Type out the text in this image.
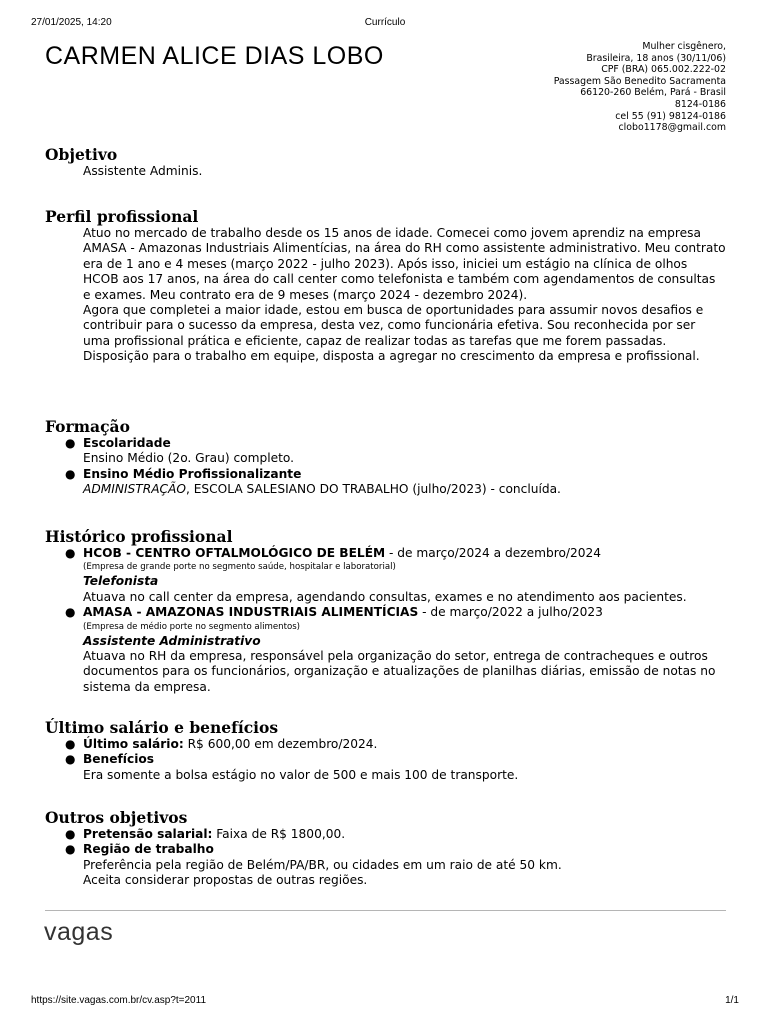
27/01/2025, 14:20	Currículo
CARMEN ALICE DIAS LOBO	Mulher cisgênero,
Brasileira, 18 anos (30/11/06)
CPF (BRA) 065.002.222-02
Passagem São Benedito Sacramenta
66120-260 Belém, Pará - Brasil
8124-0186
cel 55 (91) 98124-0186
clobo1178@gmail.com
Objetivo
Assistente Adminis.
Perfil profissional
Atuo no mercado de trabalho desde os 15 anos de idade. Comecei como jovem aprendiz na empresa AMASA - Amazonas Industriais Alimentícias, na área do RH como assistente administrativo. Meu contrato era de 1 ano e 4 meses (março 2022 - julho 2023). Após isso, iniciei um estágio na clínica de olhos HCOB aos 17 anos, na área do call center como telefonista e também com agendamentos de consultas e exames. Meu contrato era de 9 meses (março 2024 - dezembro 2024).
Agora que completei a maior idade, estou em busca de oportunidades para assumir novos desafios e contribuir para o sucesso da empresa, desta vez, como funcionária efetiva. Sou reconhecida por ser uma profissional prática e eficiente, capaz de realizar todas as tarefas que me forem passadas. Disposição para o trabalho em equipe, disposta a agregar no crescimento da empresa e profissional.
Formação
● Escolaridade
Ensino Médio (2o. Grau) completo.
● Ensino Médio Profissionalizante
ADMINISTRAÇÃO, ESCOLA SALESIANO DO TRABALHO (julho/2023) - concluída.
Histórico profissional
● HCOB - CENTRO OFTALMOLÓGICO DE BELÉM - de março/2024 a dezembro/2024
(Empresa de grande porte no segmento saúde, hospitalar e laboratorial)
Telefonista
Atuava no call center da empresa, agendando consultas, exames e no atendimento aos pacientes.
● AMASA - AMAZONAS INDUSTRIAIS ALIMENTÍCIAS - de março/2022 a julho/2023
(Empresa de médio porte no segmento alimentos)
Assistente Administrativo
Atuava no RH da empresa, responsável pela organização do setor, entrega de contracheques e outros documentos para os funcionários, organização e atualizações de planilhas diárias, emissão de notas no sistema da empresa.
Último salário e benefícios
● Último salário: R$ 600,00 em dezembro/2024.
● Benefícios
Era somente a bolsa estágio no valor de 500 e mais 100 de transporte.
Outros objetivos
● Pretensão salarial: Faixa de R$ 1800,00.
● Região de trabalho
Preferência pela região de Belém/PA/BR, ou cidades em um raio de até 50 km.
Aceita considerar propostas de outras regiões.
vagas
https://site.vagas.com.br/cv.asp?t=2011	1/1
